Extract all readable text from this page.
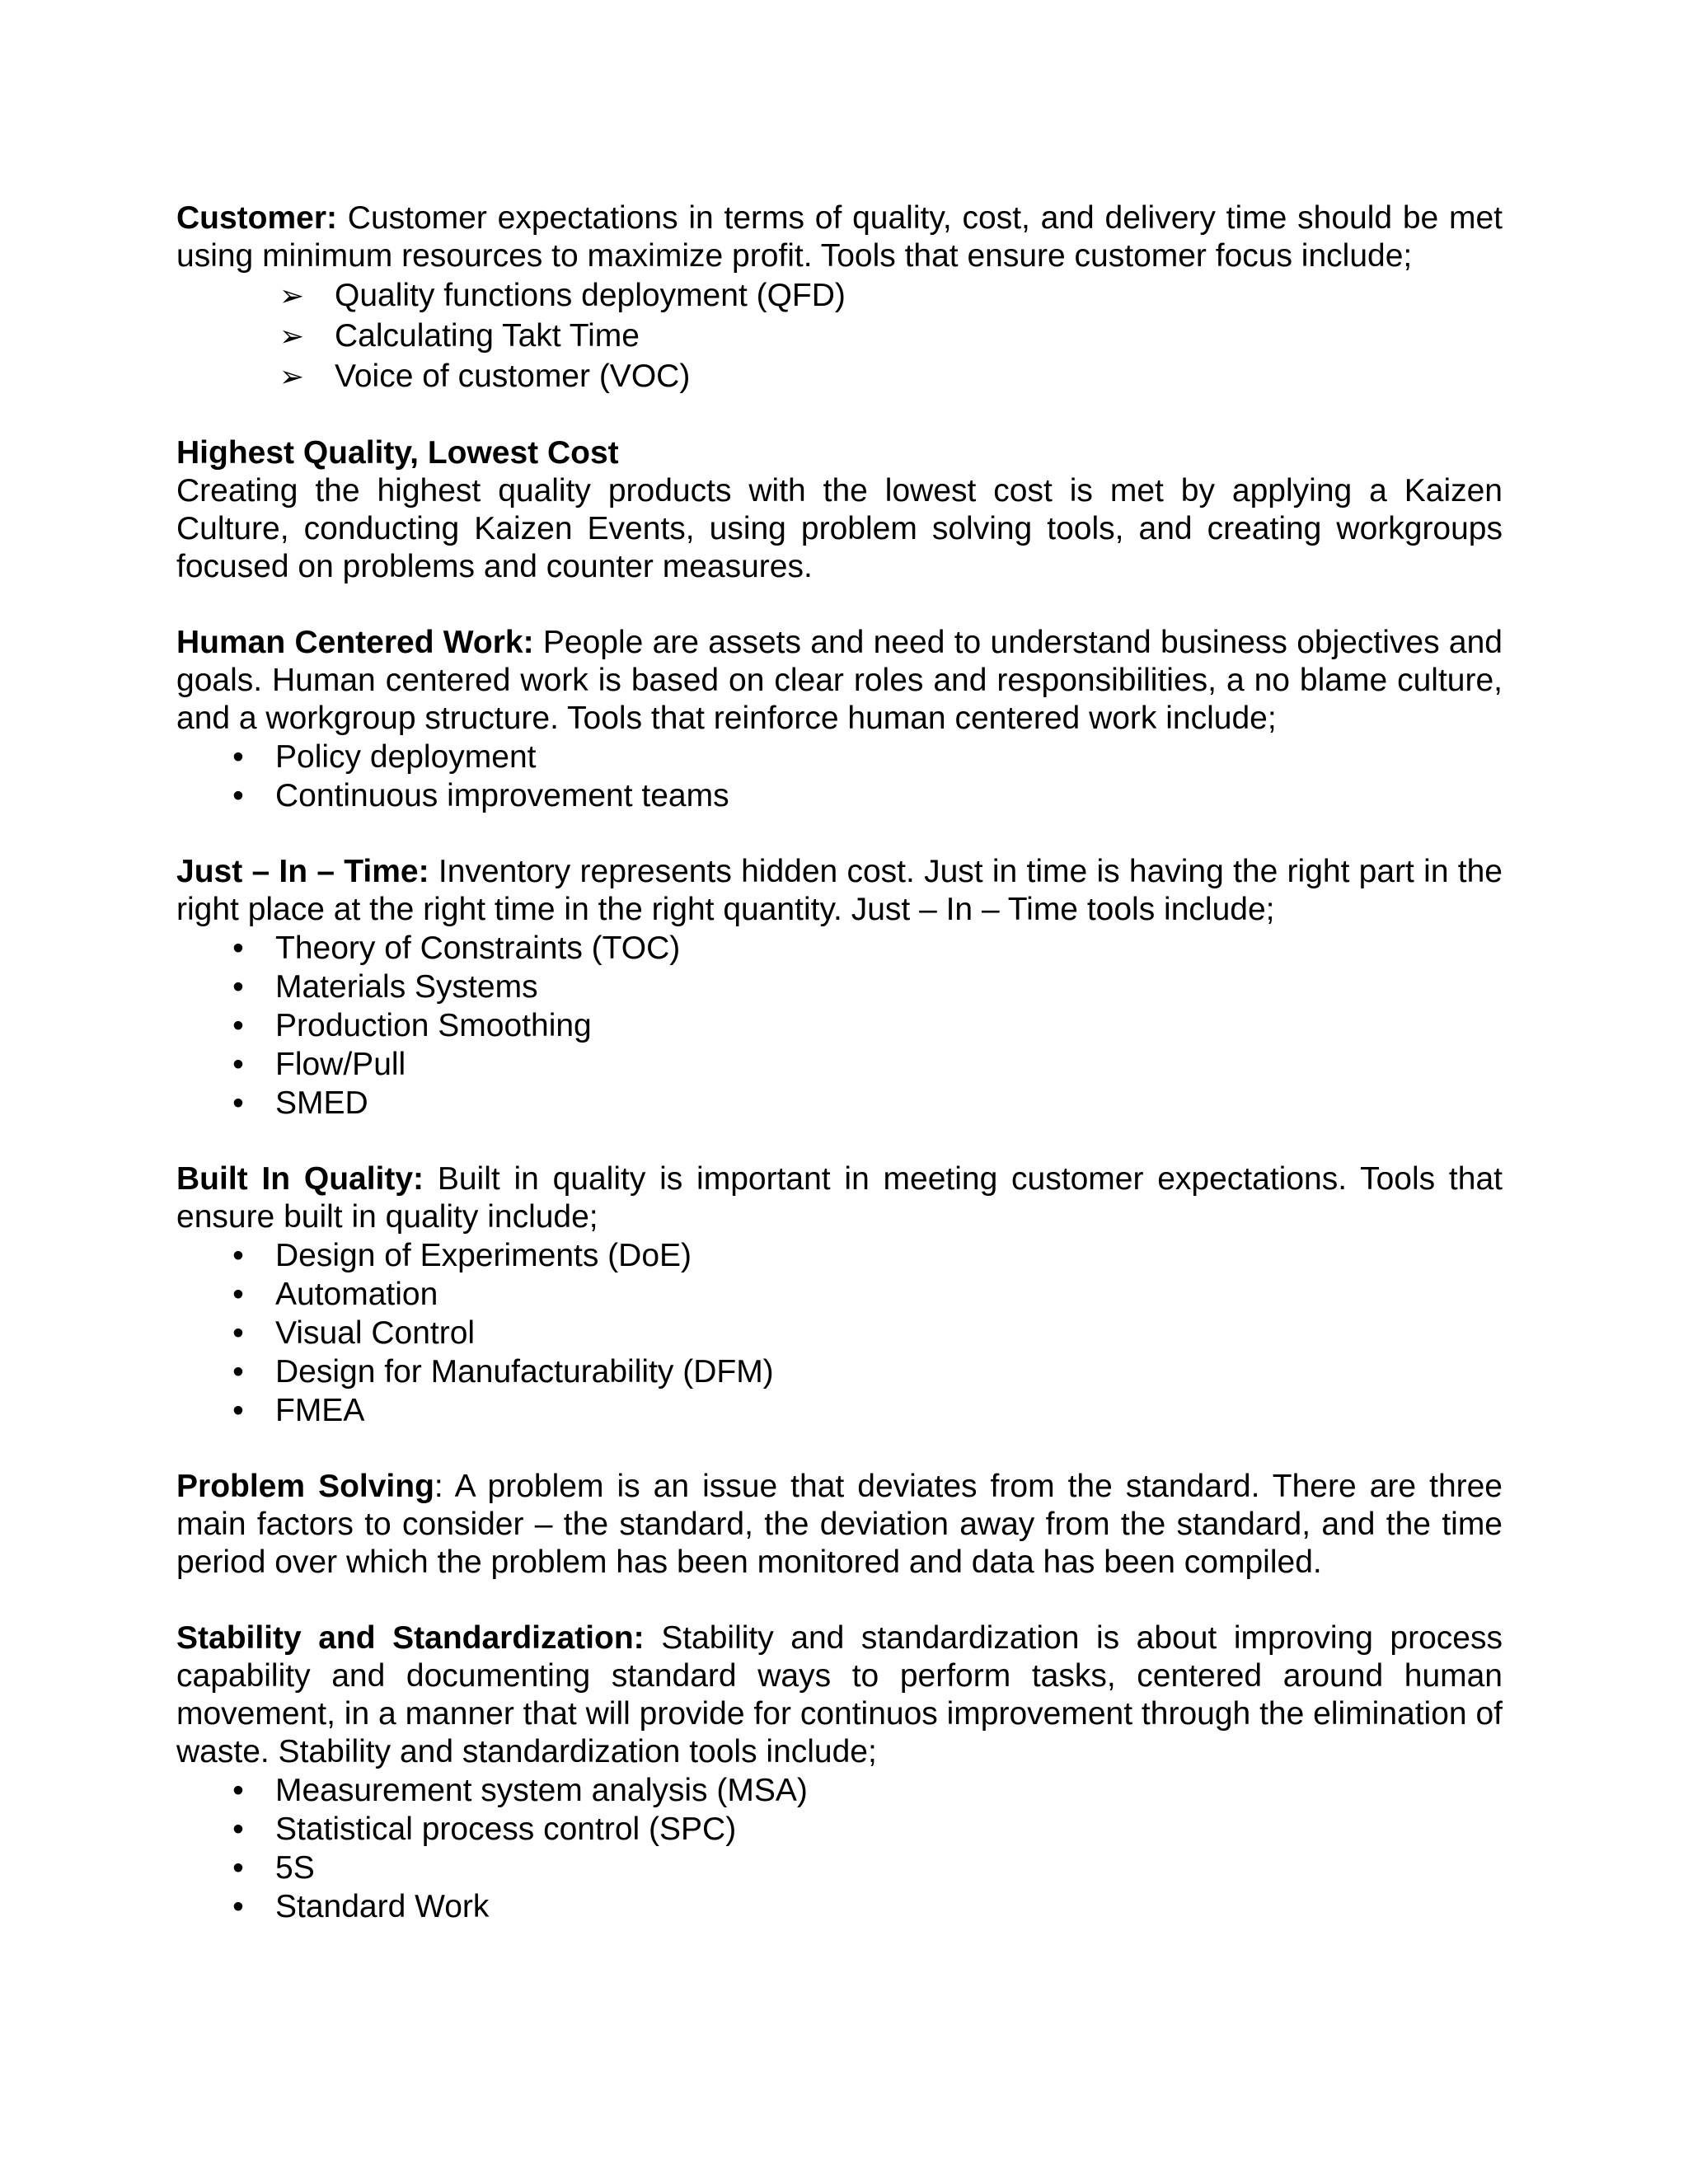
Customer: Customer expectations in terms of quality, cost, and delivery time should be met using minimum resources to maximize profit. Tools that ensure customer focus include;

➢ Quality functions deployment (QFD)
➢ Calculating Takt Time
➢ Voice of customer (VOC)

Highest Quality, Lowest Cost

Creating the highest quality products with the lowest cost is met by applying a Kaizen Culture, conducting Kaizen Events, using problem solving tools, and creating workgroups focused on problems and counter measures.

Human Centered Work: People are assets and need to understand business objectives and goals. Human centered work is based on clear roles and responsibilities, a no blame culture, and a workgroup structure. Tools that reinforce human centered work include;

• Policy deployment
• Continuous improvement teams

Just – In – Time: Inventory represents hidden cost. Just in time is having the right part in the right place at the right time in the right quantity. Just – In – Time tools include;

• Theory of Constraints (TOC)
• Materials Systems
• Production Smoothing
• Flow/Pull
• SMED

Built In Quality: Built in quality is important in meeting customer expectations. Tools that ensure built in quality include;

• Design of Experiments (DoE)
• Automation
• Visual Control
• Design for Manufacturability (DFM)
• FMEA

Problem Solving: A problem is an issue that deviates from the standard. There are three main factors to consider – the standard, the deviation away from the standard, and the time period over which the problem has been monitored and data has been compiled.

Stability and Standardization: Stability and standardization is about improving process capability and documenting standard ways to perform tasks, centered around human movement, in a manner that will provide for continuos improvement through the elimination of waste. Stability and standardization tools include;

• Measurement system analysis (MSA)
• Statistical process control (SPC)
• 5S
• Standard Work
